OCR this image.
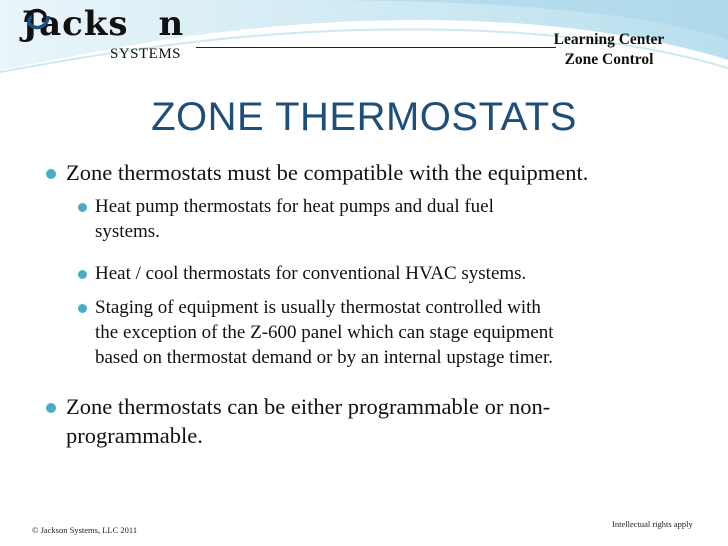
Jacks n
SYSTEMS
Learning Center
Zone Control
ZONE THERMOSTATS
Zone thermostats must be compatible with the equipment.
Heat pump thermostats for heat pumps and dual fuel
systems.
Heat / cool thermostats for conventional HVAC systems.
Staging of equipment is usually thermostat controlled with
the exception of the Z-600 panel which can stage equipment
based on thermostat demand or by an internal upstage timer.
Zone thermostats can be either programmable or non-
programmable.
© Jackson Systems, LLC 2011
Intellectual rights apply
